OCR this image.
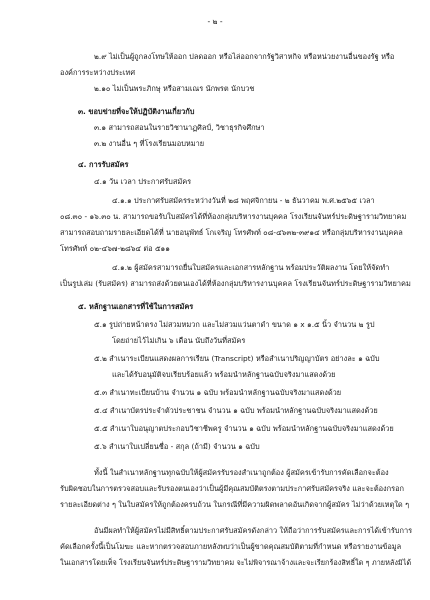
- ๒ -
๒.๙ ไม่เป็นผู้ถูกลงโทษให้ออก ปลดออก หรือไล่ออกจากรัฐวิสาหกิจ หรือหน่วยงานอื่นของรัฐ หรือ
องค์การระหว่างประเทศ
๒.๑๐ ไม่เป็นพระภิกษุ หรือสามเณร นักพรต นักบวช
๓. ขอบข่ายที่จะให้ปฏิบัติงานเกี่ยวกับ
๓.๑ สามารถสอนในรายวิชานาฏศิลป์, วิชาธุรกิจศึกษา
๓.๒ งานอื่น ๆ ที่โรงเรียนมอบหมาย
๔. การรับสมัคร
๔.๑ วัน เวลา ประกาศรับสมัคร
๔.๑.๑ ประกาศรับสมัครระหว่างวันที่ ๒๘ พฤศจิกายน - ๒ ธันวาคม พ.ศ.๒๕๖๕ เวลา
๐๘.๓๐ - ๑๖.๓๐ น. สามารถขอรับใบสมัครได้ที่ห้องกลุ่มบริหารงานบุคคล โรงเรียนจันทร์ประดิษฐารามวิทยาคม
สามารถสอบถามรายละเอียดได้ที่ นายอนุพัทธ์ โกเจริญ โทรศัพท์ ๐๘-๔๖๓๒-๓๙๑๔ หรือกลุ่มบริหารงานบุคคล
โทรศัพท์ ๐๒-๔๖๗-๒๘๖๔ ต่อ ๕๑๑
๔.๑.๒ ผู้สมัครสามารถยื่นใบสมัครและเอกสารหลักฐาน พร้อมประวัติผลงาน โดยให้จัดทำ
เป็นรูปเล่ม (รับสมัคร) สามารถส่งด้วยตนเองได้ที่ห้องกลุ่มบริหารงานบุคคล โรงเรียนจันทร์ประดิษฐารามวิทยาคม
๕. หลักฐานเอกสารที่ใช้ในการสมัคร
๕.๑ รูปถ่ายหน้าตรง ไม่สวมหมวก และไม่สวมแว่นตาดำ ขนาด ๑ x ๑.๕ นิ้ว จำนวน ๒ รูป
โดยถ่ายไว้ไม่เกิน ๖ เดือน นับถึงวันที่สมัคร
๕.๒ สำเนาระเบียนแสดงผลการเรียน (Transcript) หรือสำเนาปริญญาบัตร อย่างละ ๑ ฉบับ
และได้รับอนุมัติจบเรียบร้อยแล้ว พร้อมนำหลักฐานฉบับจริงมาแสดงด้วย
๕.๓ สำเนาทะเบียนบ้าน จำนวน ๑ ฉบับ พร้อมนำหลักฐานฉบับจริงมาแสดงด้วย
๕.๔ สำเนาบัตรประจำตัวประชาชน จำนวน ๑ ฉบับ พร้อมนำหลักฐานฉบับจริงมาแสดงด้วย
๕.๕ สำเนาใบอนุญาตประกอบวิชาชีพครู จำนวน ๑ ฉบับ พร้อมนำหลักฐานฉบับจริงมาแสดงด้วย
๕.๖ สำเนาใบเปลี่ยนชื่อ - สกุล (ถ้ามี) จำนวน ๑ ฉบับ
ทั้งนี้ ในสำเนาหลักฐานทุกฉบับให้ผู้สมัครรับรองสำเนาถูกต้อง ผู้สมัครเข้ารับการคัดเลือกจะต้อง
รับผิดชอบในการตรวจสอบและรับรองตนเองว่าเป็นผู้มีคุณสมบัติตรงตามประกาศรับสมัครจริง และจะต้องกรอก
รายละเอียดต่าง ๆ ในใบสมัครให้ถูกต้องครบถ้วน ในกรณีที่มีความผิดพลาดอันเกิดจากผู้สมัคร ไม่ว่าด้วยเหตุใด ๆ
อันมีผลทำให้ผู้สมัครไม่มีสิทธิ์ตามประกาศรับสมัครดังกล่าว ให้ถือว่าการรับสมัครและการได้เข้ารับการ
คัดเลือกครั้งนี้เป็นโมฆะ และหากตรวจสอบภายหลังพบว่าเป็นผู้ขาดคุณสมบัติตามที่กำหนด หรือรายงานข้อมูล
ในเอกสารโดยเท็จ โรงเรียนจันทร์ประดิษฐารามวิทยาคม จะไม่พิจารณาจ้างและจะเรียกร้องสิทธิ์ใด ๆ ภายหลังมิได้
